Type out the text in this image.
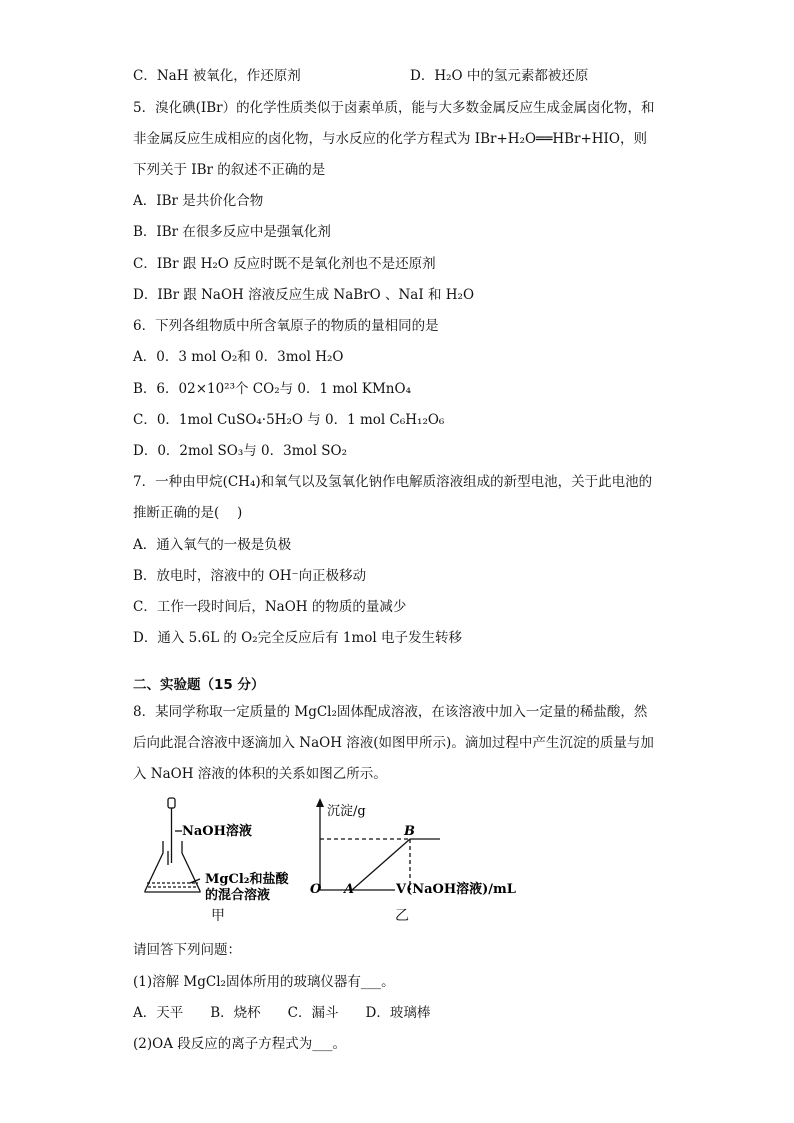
C．NaH 被氧化，作还原剂	D．H₂O 中的氢元素都被还原
5．溴化碘(IBr）的化学性质类似于卤素单质，能与大多数金属反应生成金属卤化物，和
非金属反应生成相应的卤化物，与水反应的化学方程式为 IBr+H₂O══HBr+HIO，则
下列关于 IBr 的叙述不正确的是
A．IBr 是共价化合物
B．IBr 在很多反应中是强氧化剂
C．IBr 跟 H₂O 反应时既不是氧化剂也不是还原剂
D．IBr 跟 NaOH 溶液反应生成 NaBrO 、NaI 和 H₂O
6．下列各组物质中所含氧原子的物质的量相同的是
A．0．3 mol O₂和 0．3mol H₂O
B．6．02×10²³个 CO₂与 0．1 mol KMnO₄
C．0．1mol CuSO₄·5H₂O 与 0．1 mol C₆H₁₂O₆
D．0．2mol SO₃与 0．3mol SO₂
7．一种由甲烷(CH₄)和氧气以及氢氧化钠作电解质溶液组成的新型电池，关于此电池的
推断正确的是(　 )
A．通入氧气的一极是负极
B．放电时，溶液中的 OH⁻向正极移动
C．工作一段时间后，NaOH 的物质的量减少
D．通入 5.6L 的 O₂完全反应后有 1mol 电子发生转移
二、实验题（15 分）
8．某同学称取一定质量的 MgCl₂固体配成溶液，在该溶液中加入一定量的稀盐酸，然
后向此混合溶液中逐滴加入 NaOH 溶液(如图甲所示)。滴加过程中产生沉淀的质量与加
入 NaOH 溶液的体积的关系如图乙所示。
NaOH溶液
MgCl₂和盐酸
的混合溶液
沉淀/g
O A
B
V(NaOH溶液)/mL
甲	乙
请回答下列问题：
(1)溶解 MgCl₂固体所用的玻璃仪器有___。
A．天平　　B．烧杯　　C．漏斗　　D．玻璃棒
(2)OA 段反应的离子方程式为___。
